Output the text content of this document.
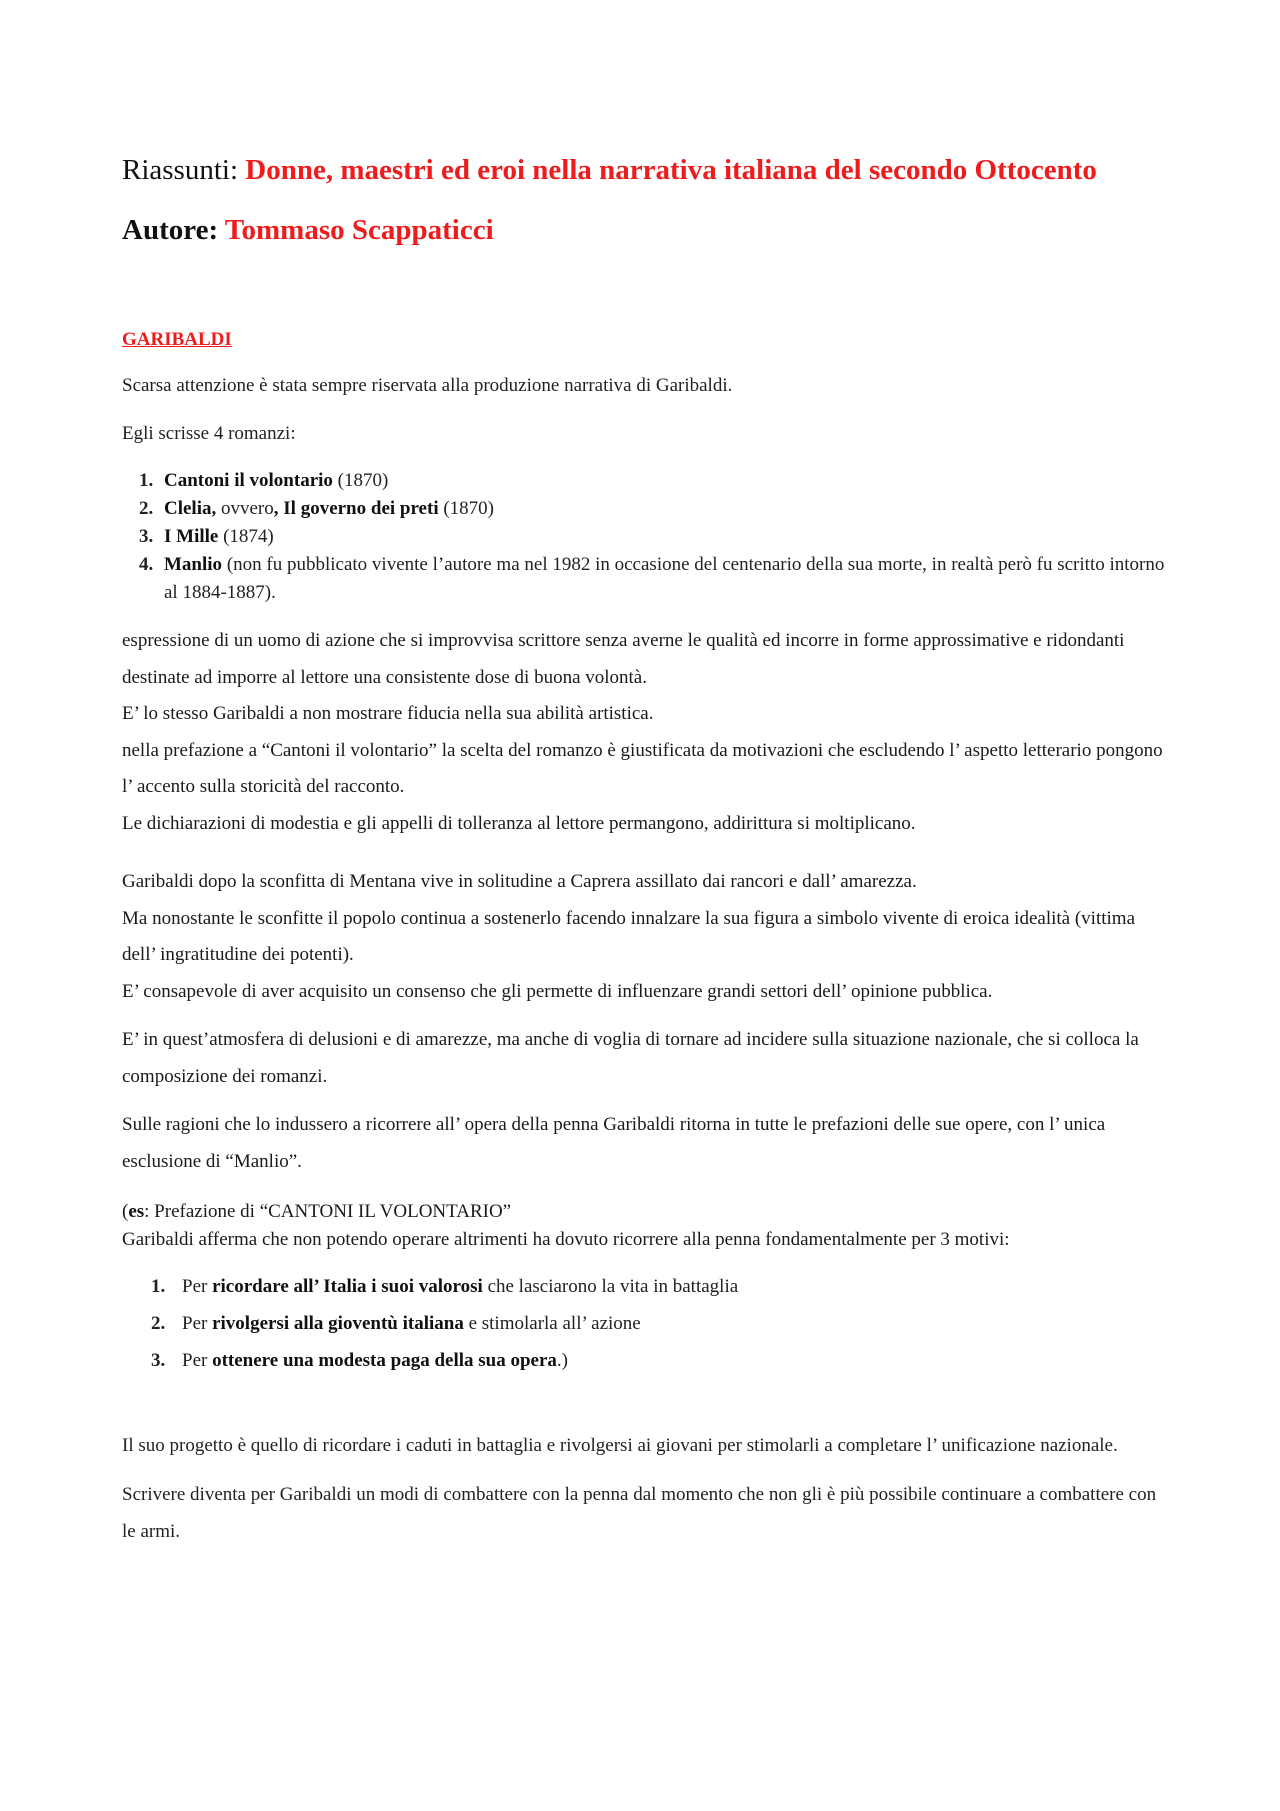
Riassunti: Donne, maestri ed eroi nella narrativa italiana del secondo Ottocento
Autore: Tommaso Scappaticci
GARIBALDI

Scarsa attenzione è stata sempre riservata alla produzione narrativa di Garibaldi.

Egli scrisse 4 romanzi:

1. Cantoni il volontario (1870)
2. Clelia, ovvero, Il governo dei preti (1870)
3. I Mille (1874)
4. Manlio (non fu pubblicato vivente l’autore ma nel 1982 in occasione del centenario della sua morte, in realtà però fu scritto intorno al 1884-1887).

espressione di un uomo di azione che si improvvisa scrittore senza averne le qualità ed incorre in forme approssimative e ridondanti destinate ad imporre al lettore una consistente dose di buona volontà.

E’ lo stesso Garibaldi a non mostrare fiducia nella sua abilità artistica.

nella prefazione a “Cantoni il volontario” la scelta del romanzo è giustificata da motivazioni che escludendo l’ aspetto letterario pongono l’ accento sulla storicità del racconto.

Le dichiarazioni di modestia e gli appelli di tolleranza al lettore permangono, addirittura si moltiplicano.

Garibaldi dopo la sconfitta di Mentana vive in solitudine a Caprera assillato dai rancori e dall’ amarezza.

Ma nonostante le sconfitte il popolo continua a sostenerlo facendo innalzare la sua figura a simbolo vivente di eroica idealità (vittima dell’ ingratitudine dei potenti).

E’ consapevole di aver acquisito un consenso che gli permette di influenzare grandi settori dell’ opinione pubblica.

E’ in quest’atmosfera di delusioni e di amarezze, ma anche di voglia di tornare ad incidere sulla situazione nazionale, che si colloca la composizione dei romanzi.

Sulle ragioni che lo indussero a ricorrere all’ opera della penna Garibaldi ritorna in tutte le prefazioni delle sue opere, con l’ unica esclusione di “Manlio”.

(es: Prefazione di “CANTONI IL VOLONTARIO”

Garibaldi afferma che non potendo operare altrimenti ha dovuto ricorrere alla penna fondamentalmente per 3 motivi:

1. Per ricordare all’ Italia i suoi valorosi che lasciarono la vita in battaglia
2. Per rivolgersi alla gioventù italiana e stimolarla all’ azione
3. Per ottenere una modesta paga della sua opera.)

Il suo progetto è quello di ricordare i caduti in battaglia e rivolgersi ai giovani per stimolarli a completare l’ unificazione nazionale.

Scrivere diventa per Garibaldi un modi di combattere con la penna dal momento che non gli è più possibile continuare a combattere con le armi.
